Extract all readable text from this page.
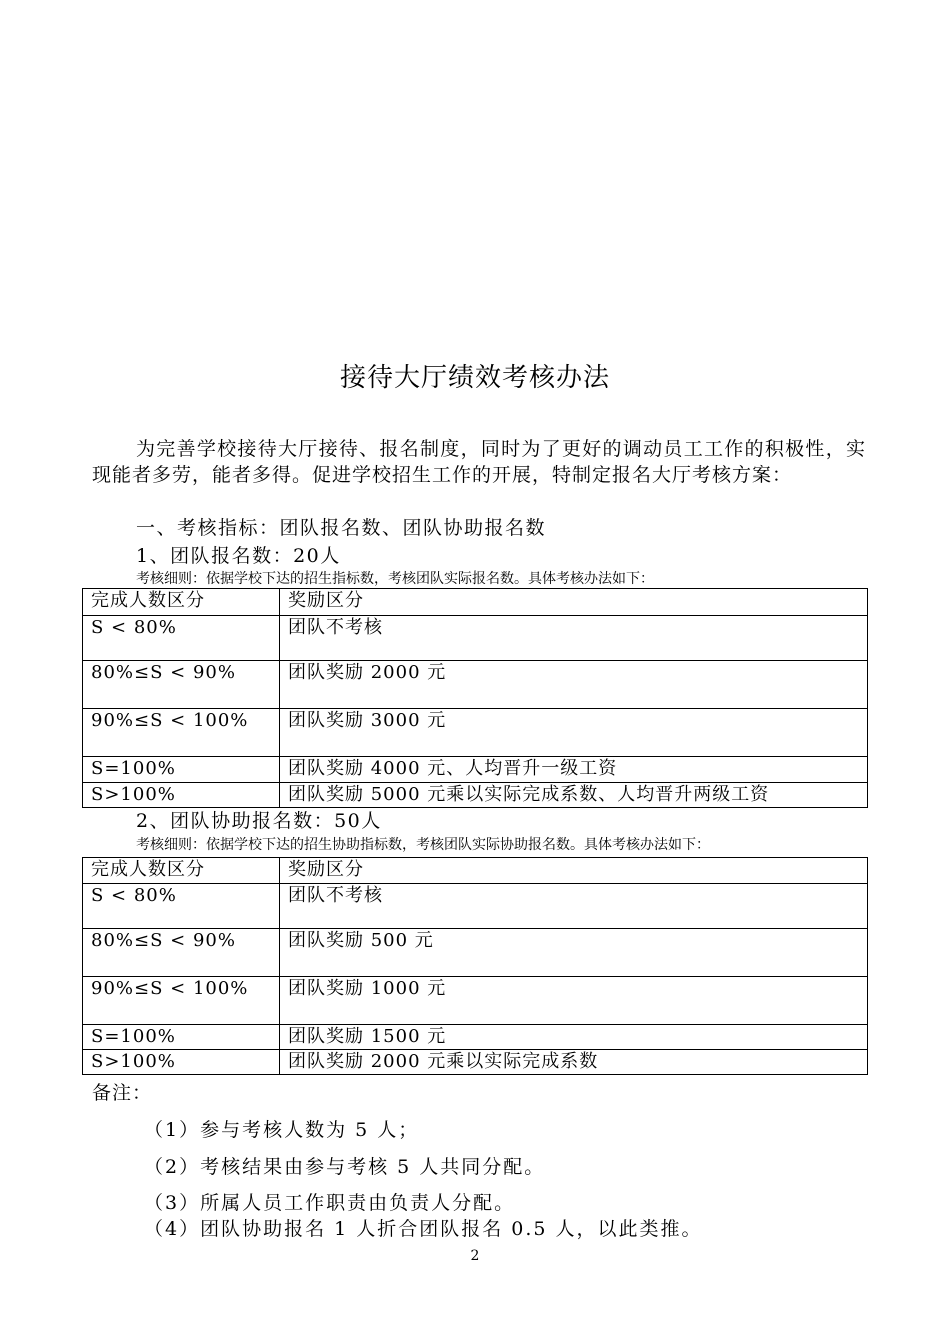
接待大厅绩效考核办法

为完善学校接待大厅接待、报名制度，同时为了更好的调动员工工作的积极性，实现能者多劳，能者多得。促进学校招生工作的开展，特制定报名大厅考核方案：

一、考核指标：团队报名数、团队协助报名数
1、团队报名数：20人
考核细则：依据学校下达的招生指标数，考核团队实际报名数。具体考核办法如下：
完成人数区分	奖励区分
S < 80%	团队不考核
80%≤S < 90%	团队奖励 2000 元
90%≤S < 100%	团队奖励 3000 元
S=100%	团队奖励 4000 元、人均晋升一级工资
S>100%	团队奖励 5000 元乘以实际完成系数、人均晋升两级工资
2、团队协助报名数：50人
考核细则：依据学校下达的招生协助指标数，考核团队实际协助报名数。具体考核办法如下：
完成人数区分	奖励区分
S < 80%	团队不考核
80%≤S < 90%	团队奖励 500 元
90%≤S < 100%	团队奖励 1000 元
S=100%	团队奖励 1500 元
S>100%	团队奖励 2000 元乘以实际完成系数
备注：
（1）参与考核人数为 5 人；
（2）考核结果由参与考核 5 人共同分配。
（3）所属人员工作职责由负责人分配。
（4）团队协助报名 1 人折合团队报名 0.5 人，以此类推。
2
